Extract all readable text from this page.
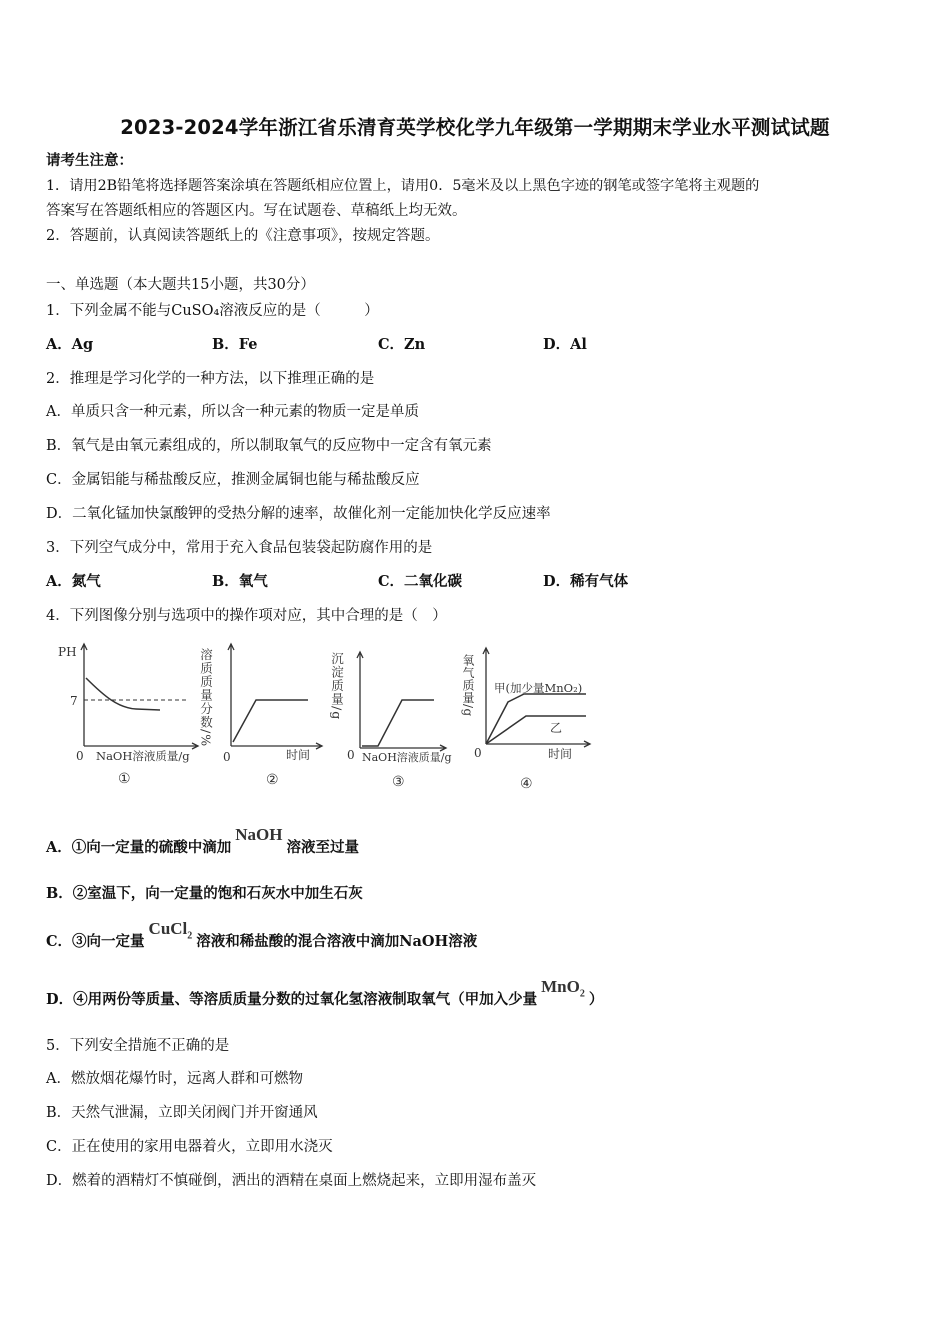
2023-2024学年浙江省乐清育英学校化学九年级第一学期期末学业水平测试试题
请考生注意：
1．请用2B铅笔将选择题答案涂填在答题纸相应位置上，请用0．5毫米及以上黑色字迹的钢笔或签字笔将主观题的
答案写在答题纸相应的答题区内。写在试题卷、草稿纸上均无效。
2．答题前，认真阅读答题纸上的《注意事项》，按规定答题。
一、单选题（本大题共15小题，共30分）
1．下列金属不能与CuSO₄溶液反应的是（　　　）
A．Ag	B．Fe	C．Zn	D．Al
2．推理是学习化学的一种方法，以下推理正确的是
A．单质只含一种元素，所以含一种元素的物质一定是单质
B．氧气是由氧元素组成的，所以制取氧气的反应物中一定含有氧元素
C．金属铝能与稀盐酸反应，推测金属铜也能与稀盐酸反应
D．二氧化锰加快氯酸钾的受热分解的速率，故催化剂一定能加快化学反应速率
3．下列空气成分中，常用于充入食品包装袋起防腐作用的是
A．氮气	B．氧气	C．二氧化碳	D．稀有气体
4．下列图像分别与选项中的操作项对应，其中合理的是（　）
PH
7
0 NaOH溶液质量/g
①
溶质质量分数/%
0	时间
②
沉淀质量/g
0 NaOH溶液质量/g
③
氧气质量/g 甲(加少量MnO₂)
乙
0	时间
④
A．①向一定量的硫酸中滴加NaOH溶液至过量
B．②室温下，向一定量的饱和石灰水中加生石灰
C．③向一定量CuCl$_2$ 溶液和稀盐酸的混合溶液中滴加NaOH溶液
D．④用两份等质量、等溶质质量分数的过氧化氢溶液制取氧气（甲加入少量MnO$_2$ ）
5．下列安全措施不正确的是
A．燃放烟花爆竹时，远离人群和可燃物
B．天然气泄漏，立即关闭阀门并开窗通风
C．正在使用的家用电器着火，立即用水浇灭
D．燃着的酒精灯不慎碰倒，洒出的酒精在桌面上燃烧起来，立即用湿布盖灭
